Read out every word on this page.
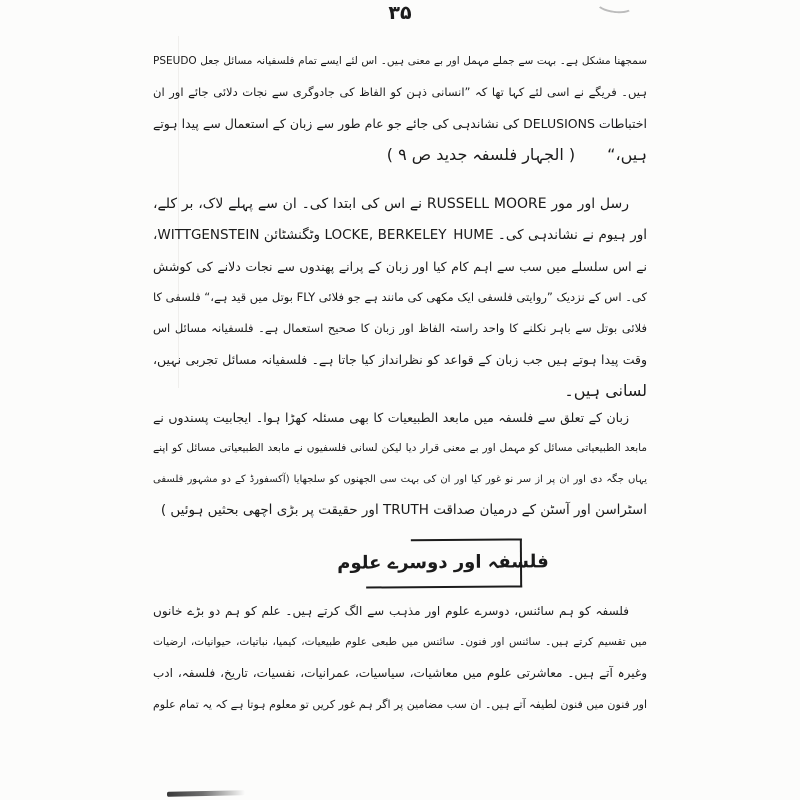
۳۵
سمجھنا مشکل ہے۔ بہت سے جملے مہمل اور بے معنی ہیں۔ اس لئے ایسے تمام فلسفیانہ مسائل جعل PSEUDO
ہیں۔ فریگے نے اسی لئے کہا تھا کہ ”انسانی ذہن کو الفاظ کی جادوگری سے نجات دلائی جائے اور ان
اختباطات DELUSIONS کی نشاندہی کی جائے جو عام طور سے زبان کے استعمال سے پیدا ہوتے
ہیں،“  ( الجہار فلسفہ جدید ص ۹ )
رسل اور مور RUSSELL MOORE نے اس کی ابتدا کی۔ ان سے پہلے لاک، بر کلے،
اور ہیوم نے نشاندہی کی۔ HUME‏ LOCKE, BERKELEY‏ وٹگنشٹائن WITTGENSTEIN‏،
نے اس سلسلے میں سب سے اہم کام کیا اور زبان کے پرانے پھندوں سے نجات دلانے کی کوشش
کی۔ اس کے نزدیک ”روایتی فلسفی ایک مکھی کی مانند ہے جو فلائی FLY بوتل میں قید ہے،“ فلسفی کا
فلائی بوتل سے باہر نکلنے کا واحد راستہ الفاظ اور زبان کا صحیح استعمال ہے۔ فلسفیانہ مسائل اس
وقت پیدا ہوتے ہیں جب زبان کے قواعد کو نظرانداز کیا جاتا ہے۔ فلسفیانہ مسائل تجربی نہیں،
لسانی ہیں۔
زبان کے تعلق سے فلسفہ میں مابعد الطبیعیات کا بھی مسئلہ کھڑا ہوا۔ ایجابیت پسندوں نے
مابعد الطبیعیاتی مسائل کو مہمل اور بے معنی قرار دیا لیکن لسانی فلسفیوں نے مابعد الطبیعیاتی مسائل کو اپنے
یہاں جگہ دی اور ان پر از سر نو غور کیا اور ان کی بہت سی الجھنوں کو سلجھایا (آکسفورڈ کے دو مشہور فلسفی
اسٹراسن اور آسٹن کے درمیان صداقت TRUTH اور حقیقت پر بڑی اچھی بحثیں ہوئیں )
فلسفہ اور دوسرے علوم
فلسفہ کو ہم سائنس، دوسرے علوم اور مذہب سے الگ کرتے ہیں۔ علم کو ہم دو بڑے خانوں
میں تقسیم کرتے ہیں۔ سائنس اور فنون۔ سائنس میں طبعی علوم طبیعیات، کیمیا، نباتیات، حیوانیات، ارضیات
وغیرہ آتے ہیں۔ معاشرتی علوم میں معاشیات، سیاسیات، عمرانیات، نفسیات، تاریخ، فلسفہ، ادب
اور فنون میں فنون لطیفہ آتے ہیں۔ ان سب مضامین پر اگر ہم غور کریں تو معلوم ہوتا ہے کہ یہ تمام علوم
